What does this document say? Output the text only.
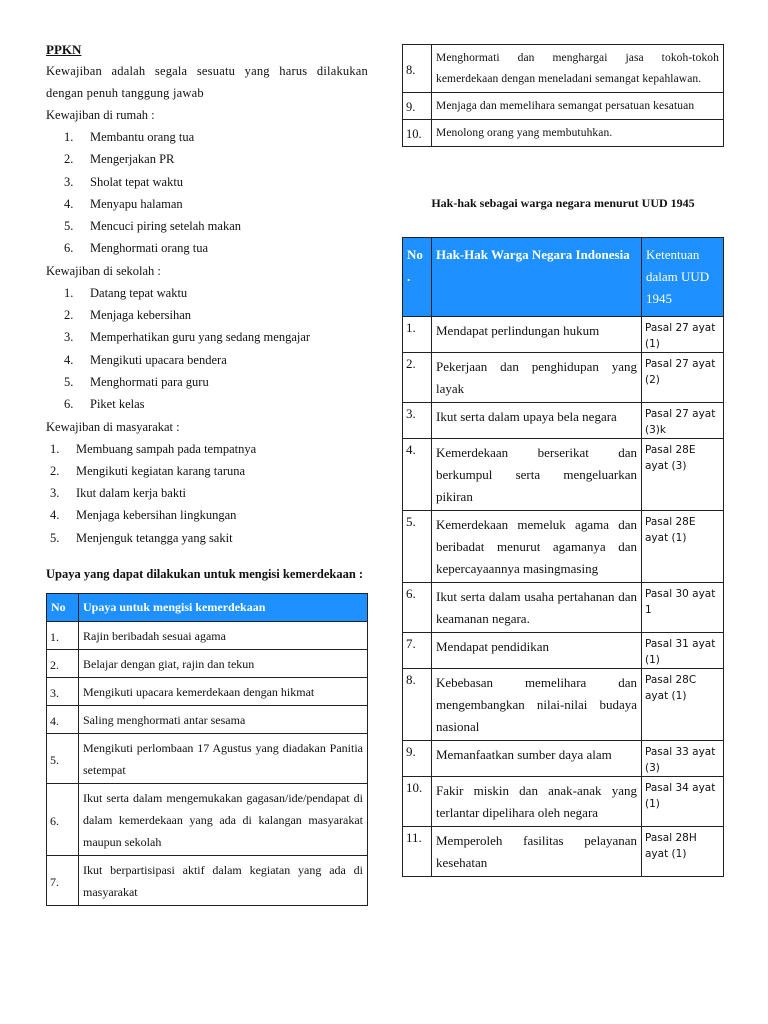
PPKN
Kewajiban adalah segala sesuatu yang harus dilakukan dengan penuh tanggung jawab
Kewajiban di rumah :
1.	Membantu orang tua
2.	Mengerjakan PR
3.	Sholat tepat waktu
4.	Menyapu halaman
5.	Mencuci piring setelah makan
6.	Menghormati orang tua
Kewajiban di sekolah :
1.	Datang tepat waktu
2.	Menjaga kebersihan
3.	Memperhatikan guru yang sedang mengajar
4.	Mengikuti upacara bendera
5.	Menghormati para guru
6.	Piket kelas
Kewajiban di masyarakat :
1.	Membuang sampah pada tempatnya
2.	Mengikuti kegiatan karang taruna
3.	Ikut dalam kerja bakti
4.	Menjaga kebersihan lingkungan
5.	Menjenguk tetangga yang sakit
Upaya yang dapat dilakukan untuk mengisi kemerdekaan :
No	Upaya untuk mengisi kemerdekaan
1.	Rajin beribadah sesuai agama
2.	Belajar dengan giat, rajin dan tekun
3.	Mengikuti upacara kemerdekaan dengan hikmat
4.	Saling menghormati antar sesama
5.	Mengikuti perlombaan 17 Agustus yang diadakan Panitia setempat
6.	Ikut serta dalam mengemukakan gagasan/ide/pendapat di dalam kemerdekaan yang ada di kalangan masyarakat maupun sekolah
7.	Ikut berpartisipasi aktif dalam kegiatan yang ada di masyarakat
8.	Menghormati dan menghargai jasa tokoh-tokoh kemerdekaan dengan meneladani semangat kepahlawan.
9.	Menjaga dan memelihara semangat persatuan kesatuan
10.	Menolong orang yang membutuhkan.
Hak-hak sebagai warga negara menurut UUD 1945
No .	Hak-Hak Warga Negara Indonesia	Ketentuan dalam UUD 1945
1.	Mendapat perlindungan hukum	Pasal 27 ayat (1)
2.	Pekerjaan dan penghidupan yang layak	Pasal 27 ayat (2)
3.	Ikut serta dalam upaya bela negara	Pasal 27 ayat (3)k
4.	Kemerdekaan berserikat dan berkumpul serta mengeluarkan pikiran	Pasal 28E ayat (3)
5.	Kemerdekaan memeluk agama dan beribadat menurut agamanya dan kepercayaannya masingmasing	Pasal 28E ayat (1)
6.	Ikut serta dalam usaha pertahanan dan keamanan negara.	Pasal 30 ayat 1
7.	Mendapat pendidikan	Pasal 31 ayat (1)
8.	Kebebasan memelihara dan mengembangkan nilai-nilai budaya nasional	Pasal 28C ayat (1)
9.	Memanfaatkan sumber daya alam	Pasal 33 ayat (3)
10.	Fakir miskin dan anak-anak yang terlantar dipelihara oleh negara	Pasal 34 ayat (1)
11.	Memperoleh fasilitas pelayanan kesehatan	Pasal 28H ayat (1)
